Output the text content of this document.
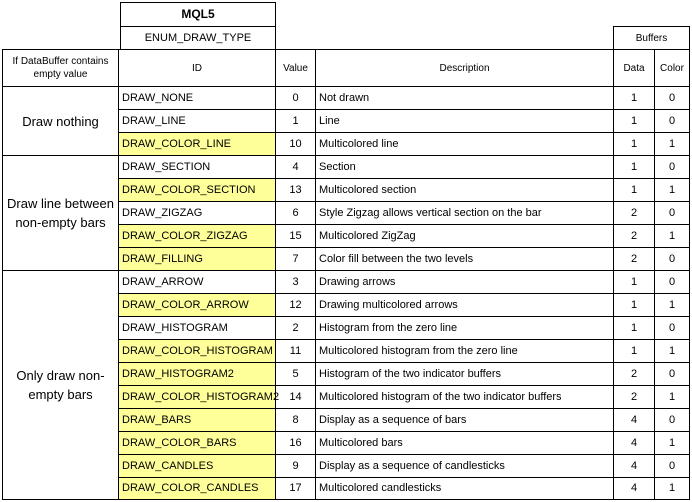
MQL5
ENUM_DRAW_TYPE	Buffers
If DataBuffer contains empty value
ID	Value	Description	Data	Color
Draw nothing
Draw line between non-empty bars
Only draw non-empty bars
DRAW_NONE	0	Not drawn	1	0
DRAW_LINE	1	Line	1	0
DRAW_COLOR_LINE	10	Multicolored line	1	1
DRAW_SECTION	4	Section	1	0
DRAW_COLOR_SECTION	13	Multicolored section	1	1
DRAW_ZIGZAG	6	Style Zigzag allows vertical section on the bar	2	0
DRAW_COLOR_ZIGZAG	15	Multicolored ZigZag	2	1
DRAW_FILLING	7	Color fill between the two levels	2	0
DRAW_ARROW	3	Drawing arrows	1	0
DRAW_COLOR_ARROW	12	Drawing multicolored arrows	1	1
DRAW_HISTOGRAM	2	Histogram from the zero line	1	0
DRAW_COLOR_HISTOGRAM	11	Multicolored histogram from the zero line	1	1
DRAW_HISTOGRAM2	5	Histogram of the two indicator buffers	2	0
DRAW_COLOR_HISTOGRAM2 14	Multicolored histogram of the two indicator buffers	2	1
DRAW_BARS	8	Display as a sequence of bars	4	0
DRAW_COLOR_BARS	16	Multicolored bars	4	1
DRAW_CANDLES	9	Display as a sequence of candlesticks	4	0
DRAW_COLOR_CANDLES	17	Multicolored candlesticks	4	1
